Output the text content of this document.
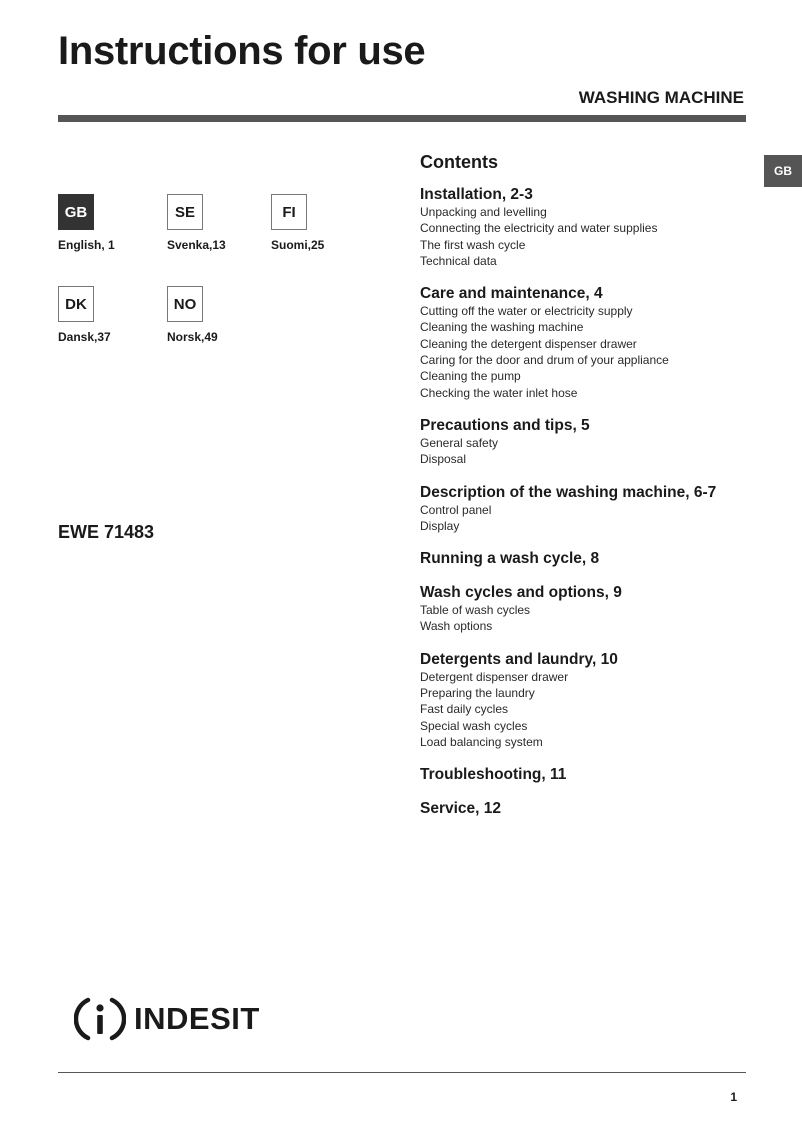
Instructions for use
WASHING MACHINE
GB
GB
English, 1
SE
Svenka,13
FI
Suomi,25
DK
Dansk,37
NO
Norsk,49
EWE 71483
Contents
Installation, 2-3
Unpacking and levelling
Connecting the electricity and water supplies
The first wash cycle
Technical data
Care and maintenance, 4
Cutting off the water or electricity supply
Cleaning the washing machine
Cleaning the detergent dispenser drawer
Caring for the door and drum of your appliance
Cleaning the pump
Checking the water inlet hose
Precautions and tips, 5
General safety
Disposal
Description of the washing machine, 6-7
Control panel
Display
Running a wash cycle, 8
Wash cycles and options, 9
Table of wash cycles
Wash options
Detergents and laundry, 10
Detergent dispenser drawer
Preparing the laundry
Fast daily cycles
Special wash cycles
Load balancing system
Troubleshooting, 11
Service, 12
INDESIT
1
